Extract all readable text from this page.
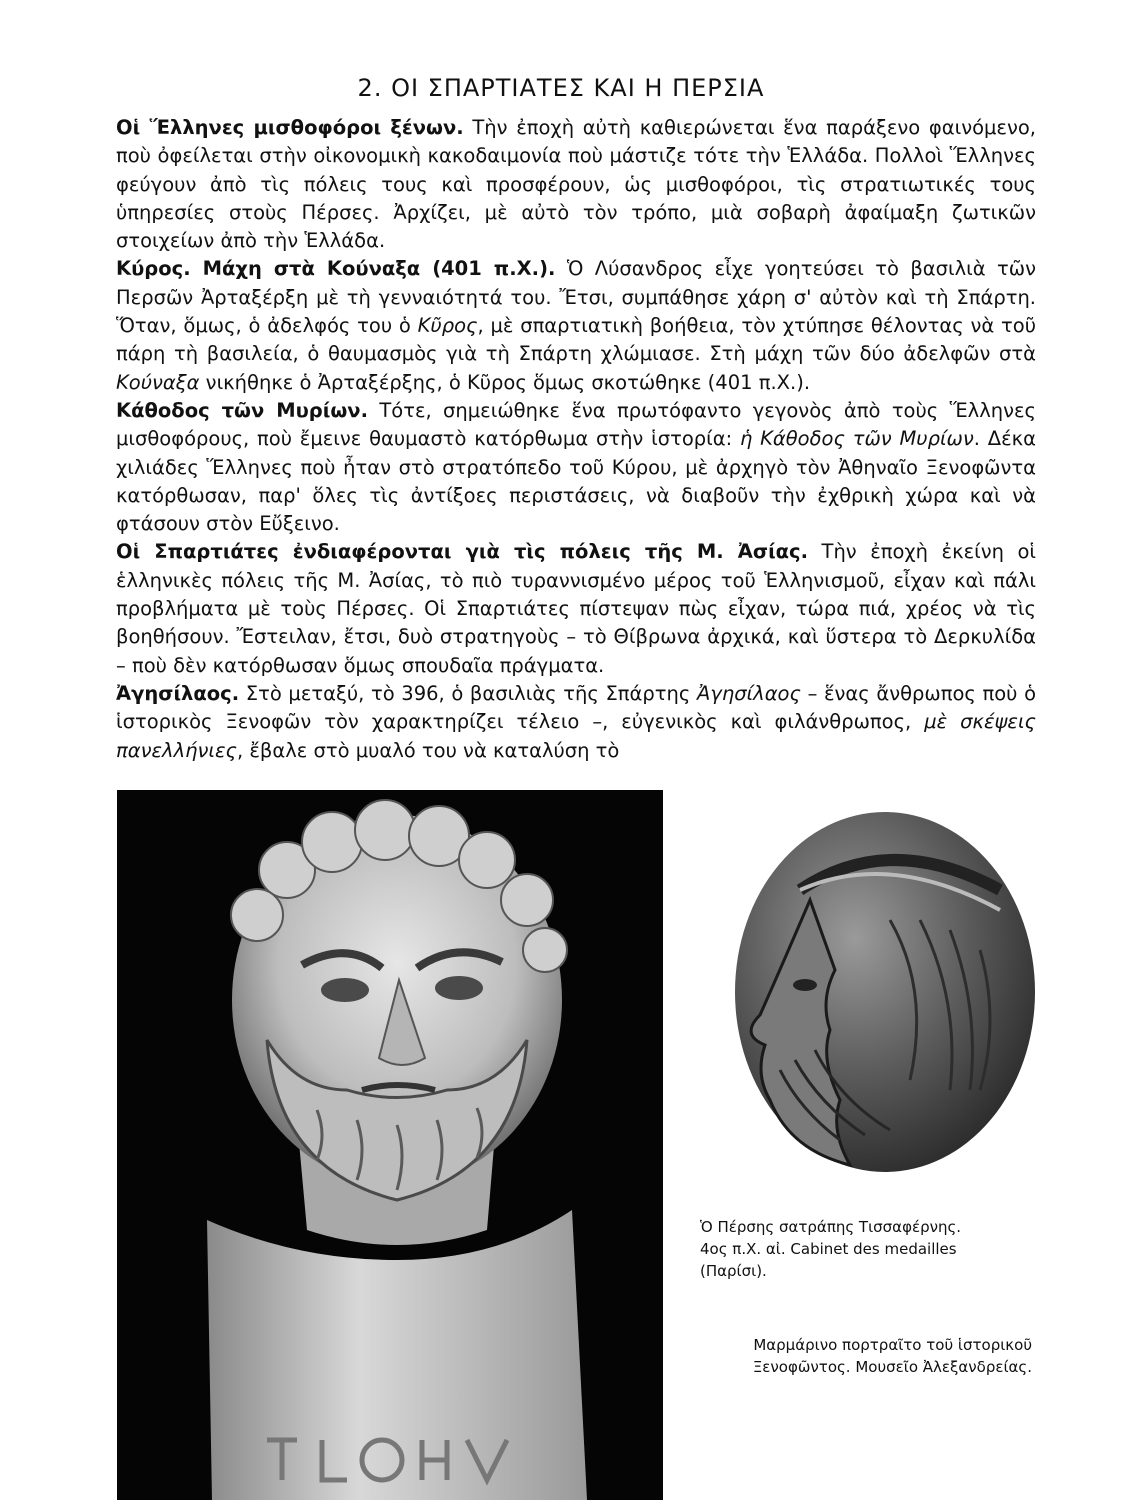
2. ΟΙ ΣΠΑΡΤΙΑΤΕΣ ΚΑΙ Η ΠΕΡΣΙΑ

Οἱ Ἕλληνες μισθοφόροι ξένων. Τὴν ἐποχὴ αὐτὴ καθιερώνεται ἕνα παράξενο φαινόμενο, ποὺ ὀφείλεται στὴν οἰκονομικὴ κακοδαιμονία ποὺ μάστιζε τότε τὴν Ἑλλάδα. Πολλοὶ Ἕλληνες φεύγουν ἀπὸ τὶς πόλεις τους καὶ προσφέρουν, ὡς μισθοφόροι, τὶς στρατιωτικές τους ὑπηρεσίες στοὺς Πέρσες. Ἀρχίζει, μὲ αὐτὸ τὸν τρόπο, μιὰ σοβαρὴ ἀφαίμαξη ζωτικῶν στοιχείων ἀπὸ τὴν Ἑλλάδα.

Κύρος. Μάχη στὰ Κούναξα (401 π.Χ.). Ὁ Λύσανδρος εἶχε γοητεύσει τὸ βασιλιὰ τῶν Περσῶν Ἀρταξέρξη μὲ τὴ γενναιότητά του. Ἔτσι, συμπάθησε χάρη σ' αὐτὸν καὶ τὴ Σπάρτη. Ὅταν, ὅμως, ὁ ἀδελφός του ὁ Κῦρος, μὲ σπαρτιατικὴ βοήθεια, τὸν χτύπησε θέλοντας νὰ τοῦ πάρη τὴ βασιλεία, ὁ θαυμασμὸς γιὰ τὴ Σπάρτη χλώμιασε. Στὴ μάχη τῶν δύο ἀδελφῶν στὰ Κούναξα νικήθηκε ὁ Ἀρταξέρξης, ὁ Κῦρος ὅμως σκοτώθηκε (401 π.Χ.).

Κάθοδος τῶν Μυρίων. Τότε, σημειώθηκε ἕνα πρωτόφαντο γεγονὸς ἀπὸ τοὺς Ἕλληνες μισθοφόρους, ποὺ ἔμεινε θαυμαστὸ κατόρθωμα στὴν ἱστορία: ἡ Κάθοδος τῶν Μυρίων. Δέκα χιλιάδες Ἕλληνες ποὺ ἦταν στὸ στρατόπεδο τοῦ Κύρου, μὲ ἀρχηγὸ τὸν Ἀθηναῖο Ξενοφῶντα κατόρθωσαν, παρ' ὅλες τὶς ἀντίξοες περιστάσεις, νὰ διαβοῦν τὴν ἐχθρικὴ χώρα καὶ νὰ φτάσουν στὸν Εὔξεινο.

Οἱ Σπαρτιάτες ἐνδιαφέρονται γιὰ τὶς πόλεις τῆς Μ. Ἀσίας. Τὴν ἐποχὴ ἐκείνη οἱ ἑλληνικὲς πόλεις τῆς Μ. Ἀσίας, τὸ πιὸ τυραννισμένο μέρος τοῦ Ἑλληνισμοῦ, εἶχαν καὶ πάλι προβλήματα μὲ τοὺς Πέρσες. Οἱ Σπαρτιάτες πίστεψαν πὼς εἶχαν, τώρα πιά, χρέος νὰ τὶς βοηθήσουν. Ἔστειλαν, ἔτσι, δυὸ στρατηγοὺς – τὸ Θίβρωνα ἀρχικά, καὶ ὕστερα τὸ Δερκυλίδα – ποὺ δὲν κατόρθωσαν ὅμως σπουδαῖα πράγματα.

Ἀγησίλαος. Στὸ μεταξύ, τὸ 396, ὁ βασιλιὰς τῆς Σπάρτης Ἀγησίλαος – ἕνας ἄνθρωπος ποὺ ὁ ἱστορικὸς Ξενοφῶν τὸν χαρακτηρίζει τέλειο –, εὐγενικὸς καὶ φιλάνθρωπος, μὲ σκέψεις πανελλήνιες, ἔβαλε στὸ μυαλό του νὰ καταλύση τὸ

Ὁ Πέρσης σατράπης Τισσαφέρνης.
4ος π.Χ. αἰ. Cabinet des medailles
(Παρίσι).
Μαρμάρινο πορτραῖτο τοῦ ἱστορικοῦ
Ξενοφῶντος. Μουσεῖο Ἀλεξανδρείας.
